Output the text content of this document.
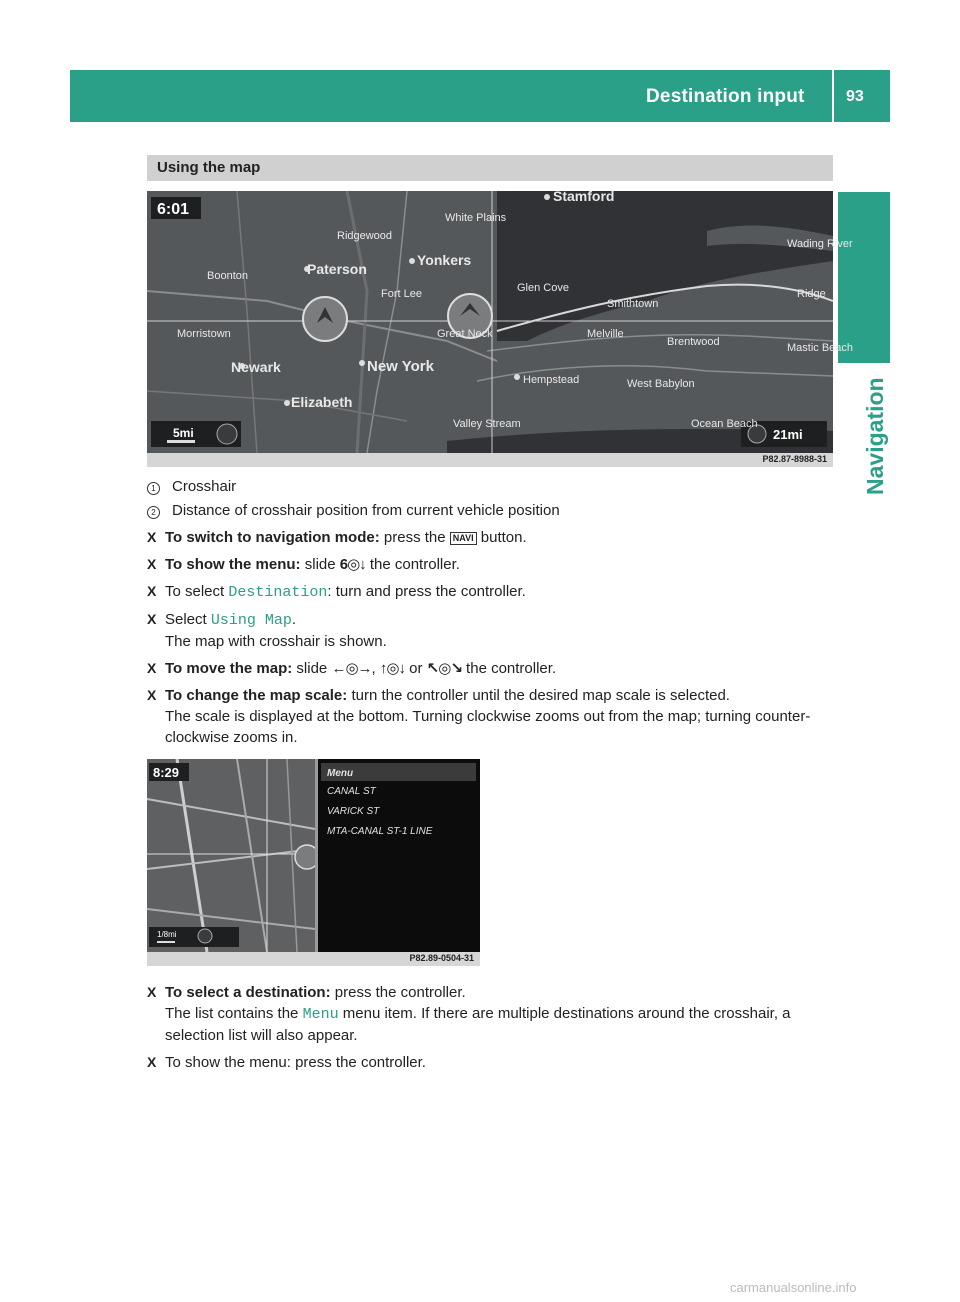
Destination input	93
Navigation
Using the map
6:01
5mi	21mi
Stamford
Wading River
White Plains
Ridgewood
Yonkers
Boonton	Paterson
Glen Cove
Smithtown
Fort Lee
Morristown	Great Neck	Melville
Brentwood
Newark	New York
Hempstead	West Babylon
Elizabeth
Valley Stream	Ocean Beach
Mastic Beach
Ridge
P82.87-8988-31
1 Crosshair
2 Distance of crosshair position from current vehicle position
X To switch to navigation mode: press the NAVI button.
X To show the menu: slide 6◎↓ the controller.
X To select Destination: turn and press the controller.
X Select Using Map.
The map with crosshair is shown.
X To move the map: slide ←◎→, ↑◎↓ or ↖◎↘ the controller.
X To change the map scale: turn the controller until the desired map scale is selected.
The scale is displayed at the bottom. Turning clockwise zooms out from the map; turning counter-clockwise zooms in.
8:29
1/8mi
Menu
CANAL ST
VARICK ST
MTA-CANAL ST-1 LINE
P82.89-0504-31
X To select a destination: press the controller.
The list contains the Menu menu item. If there are multiple destinations around the crosshair, a selection list will also appear.
X To show the menu: press the controller.
carmanualsonline.info
